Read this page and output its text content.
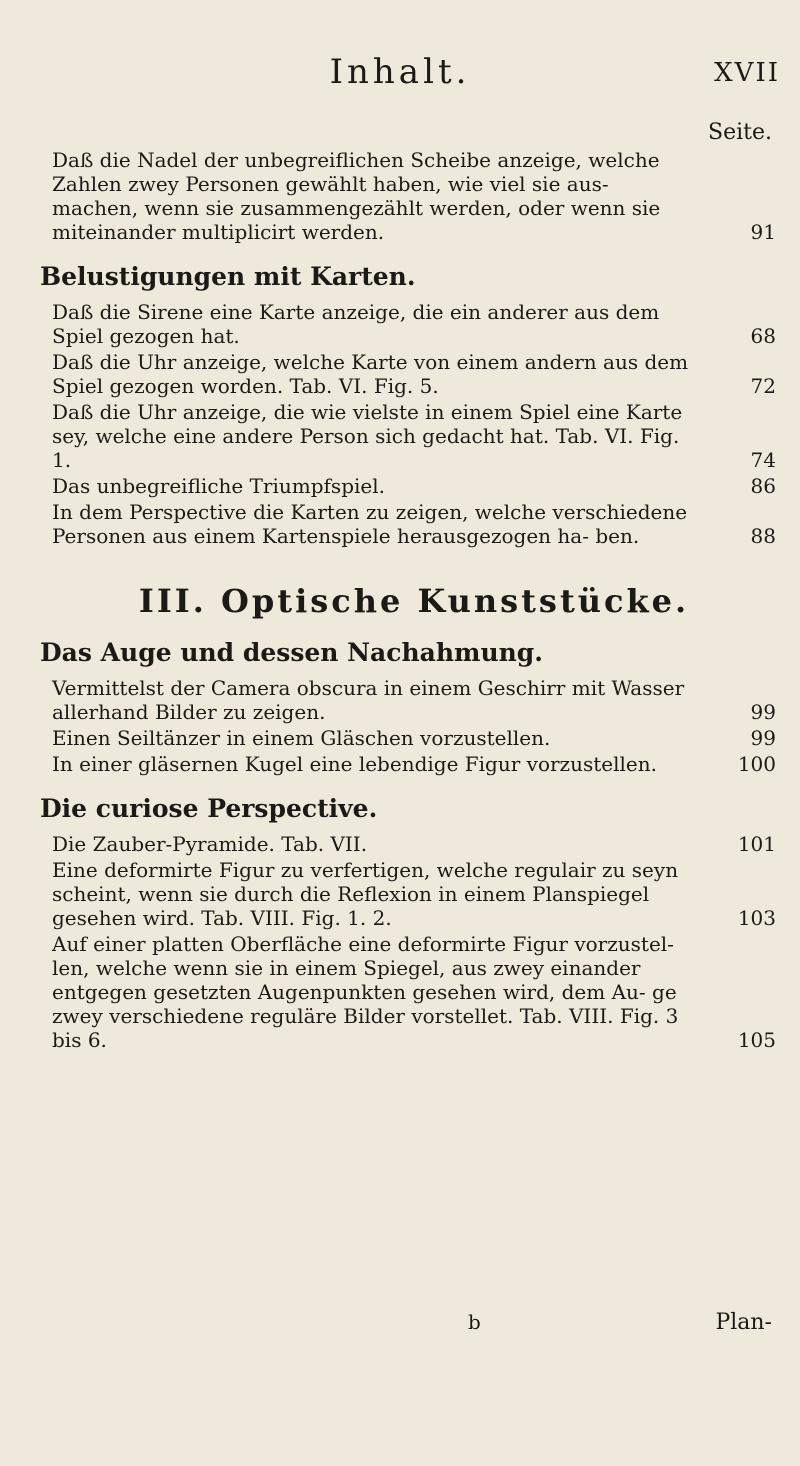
Inhalt.	XVII
Seite.
Daß die Nadel der unbegreiflichen Scheibe anzeige, welche Zahlen zwey Personen gewählt haben, wie viel sie aus- machen, wenn sie zusammengezählt werden, oder wenn sie miteinander multiplicirt werden.	91
Belustigungen mit Karten.
Daß die Sirene eine Karte anzeige, die ein anderer aus dem Spiel gezogen hat.	68
Daß die Uhr anzeige, welche Karte von einem andern aus dem Spiel gezogen worden. Tab. VI. Fig. 5.	72
Daß die Uhr anzeige, die wie vielste in einem Spiel eine Karte sey, welche eine andere Person sich gedacht hat. Tab. VI. Fig. 1.	74
Das unbegreifliche Triumpfspiel.	86
In dem Perspective die Karten zu zeigen, welche verschiedene Personen aus einem Kartenspiele herausgezogen ha- ben.	88
III. Optische Kunststücke.
Das Auge und dessen Nachahmung.
Vermittelst der Camera obscura in einem Geschirr mit Wasser allerhand Bilder zu zeigen.	99
Einen Seiltänzer in einem Gläschen vorzustellen.	99
In einer gläsernen Kugel eine lebendige Figur vorzustellen.	100
Die curiose Perspective.
Die Zauber-Pyramide. Tab. VII.	101
Eine deformirte Figur zu verfertigen, welche regulair zu seyn scheint, wenn sie durch die Reflexion in einem Planspiegel gesehen wird. Tab. VIII. Fig. 1. 2.	103
Auf einer platten Oberfläche eine deformirte Figur vorzustel- len, welche wenn sie in einem Spiegel, aus zwey einander entgegen gesetzten Augenpunkten gesehen wird, dem Au- ge zwey verschiedene reguläre Bilder vorstellet. Tab. VIII. Fig. 3 bis 6.	105
b	Plan-
